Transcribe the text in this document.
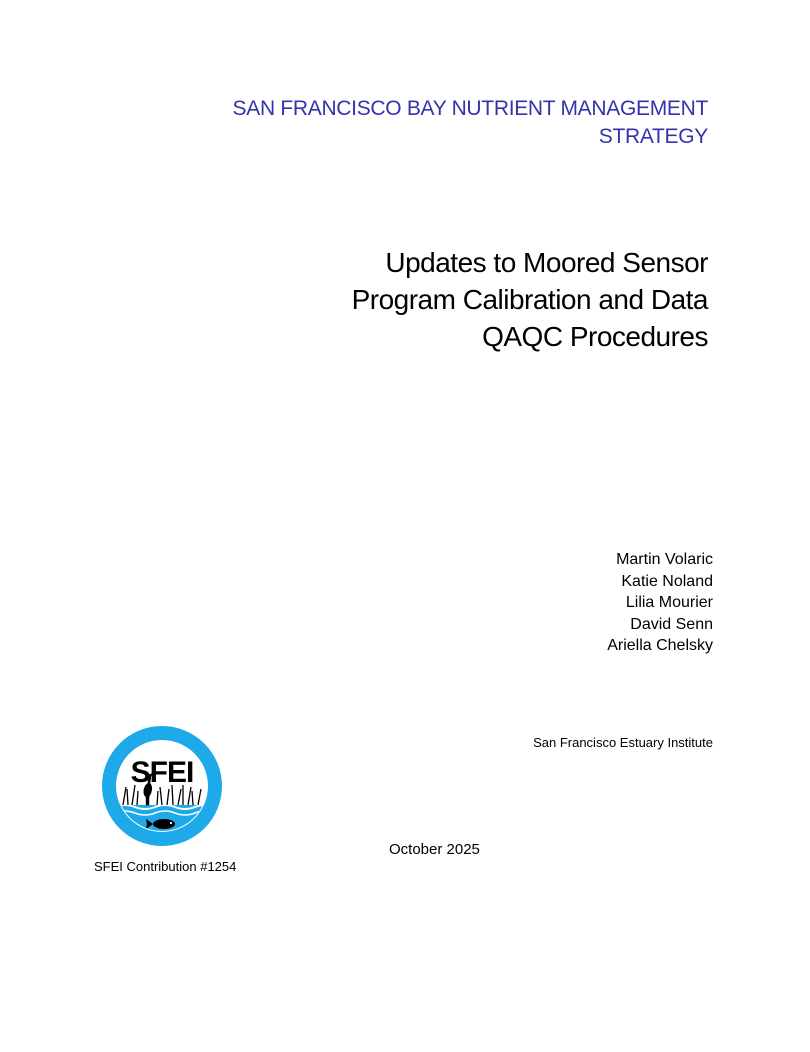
SAN FRANCISCO BAY NUTRIENT MANAGEMENT
STRATEGY
Updates to Moored Sensor
Program Calibration and Data
QAQC Procedures
Martin Volaric
Katie Noland
Lilia Mourier
David Senn
Ariella Chelsky
San Francisco Estuary Institute
SFEI
SFEI Contribution #1254
October 2025
